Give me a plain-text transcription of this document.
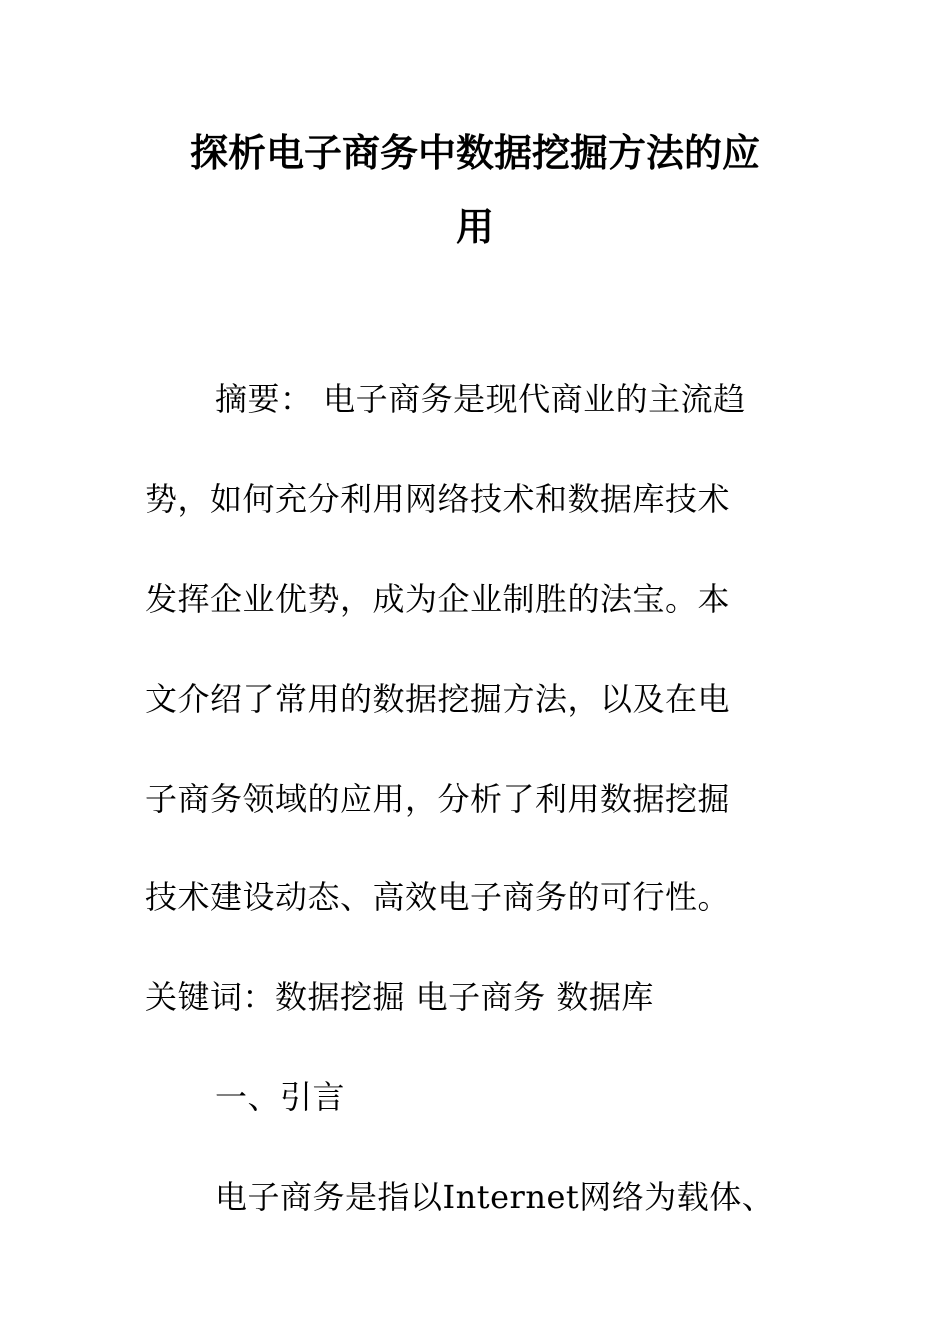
探析电子商务中数据挖掘方法的应
用
摘要： 电子商务是现代商业的主流趋
势，如何充分利用网络技术和数据库技术
发挥企业优势，成为企业制胜的法宝。本
文介绍了常用的数据挖掘方法，以及在电
子商务领域的应用，分析了利用数据挖掘
技术建设动态、高效电子商务的可行性。
关键词：数据挖掘 电子商务 数据库
一、引言
电子商务是指以Internet网络为载体、
